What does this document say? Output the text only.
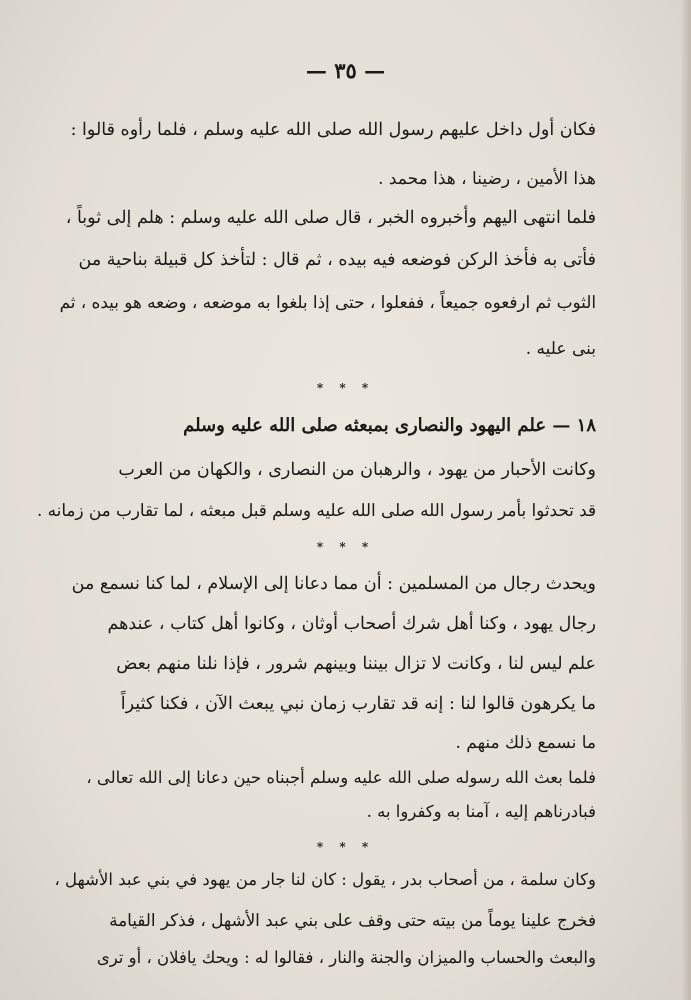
— ٣٥ —
فكان أول داخل عليهم رسول الله صلى الله عليه وسلم ، فلما رأوه قالوا :
هذا الأمين ، رضينا ، هذا محمد .
فلما انتهى اليهم وأخبروه الخبر ، قال صلى الله عليه وسلم : هلم إلى ثوباً ،
فأتى به فأخذ الركن فوضعه فيه بيده ، ثم قال : لتأخذ كل قبيلة بناحية من
الثوب ثم ارفعوه جميعاً ، ففعلوا ، حتى إذا بلغوا به موضعه ، وضعه هو بيده ، ثم
بنى عليه .
* * *
١٨ — علم اليهود والنصارى بمبعثه صلى الله عليه وسلم
وكانت الأحبار من يهود ، والرهبان من النصارى ، والكهان من العرب
قد تحدثوا بأمر رسول الله صلى الله عليه وسلم قبل مبعثه ، لما تقارب من زمانه .
* * *
ويحدث رجال من المسلمين : أن مما دعانا إلى الإسلام ، لما كنا نسمع من
رجال يهود ، وكنا أهل شرك أصحاب أوثان ، وكانوا أهل كتاب ، عندهم
علم ليس لنا ، وكانت لا تزال بيننا وبينهم شرور ، فإذا نلنا منهم بعض
ما يكرهون قالوا لنا : إنه قد تقارب زمان نبي يبعث الآن ، فكنا كثيراً
ما نسمع ذلك منهم .
فلما بعث الله رسوله صلى الله عليه وسلم أجبناه حين دعانا إلى الله تعالى ،
فبادرناهم إليه ، آمنا به وكفروا به .
* * *
وكان سلمة ، من أصحاب بدر ، يقول : كان لنا جار من يهود في بني عبد الأشهل ،
فخرج علينا يوماً من بيته حتى وقف على بني عبد الأشهل ، فذكر القيامة
والبعث والحساب والميزان والجنة والنار ، فقالوا له : ويحك يافلان ، أو ترى
